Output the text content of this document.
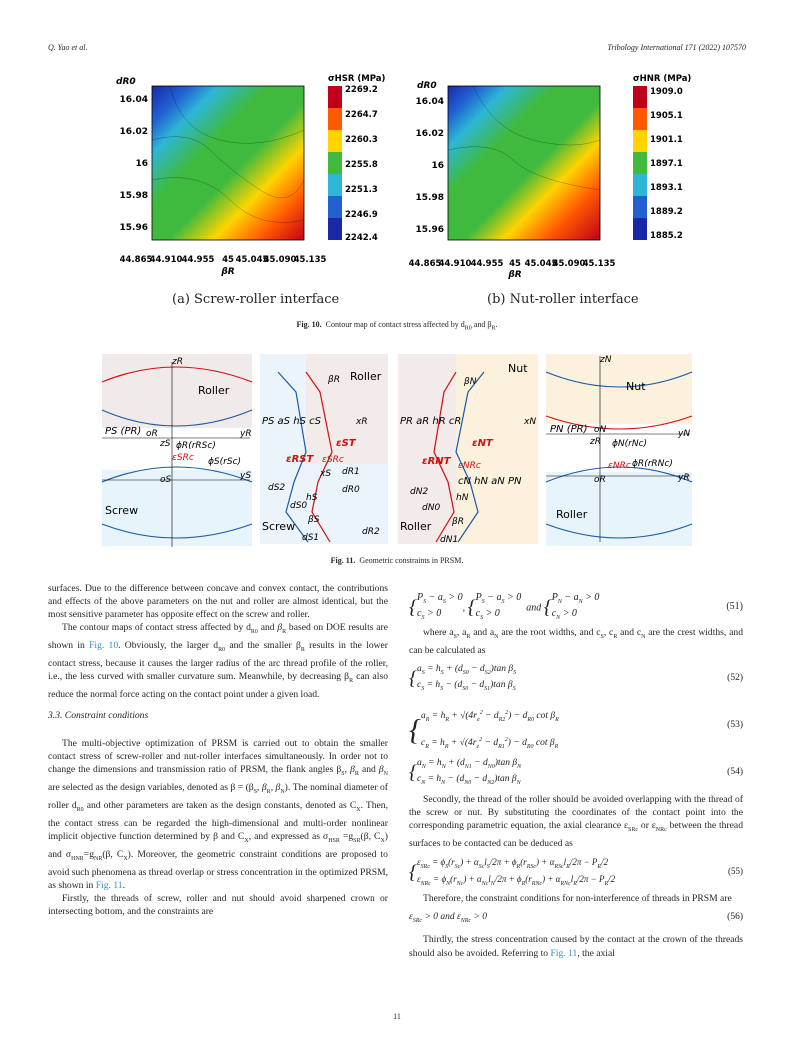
Q. Yao et al.	Tribology International 171 (2022) 107570
dR0
16.04
16.02
16
15.98
15.96
44.865
44.910 44.955 45 45.045
45.090
45.135
βR
σHSR (MPa)
2269.2
2264.7
2260.3
2255.8
2251.3
2246.9
2242.4
dR0
16.04
16.02
16
15.98
15.96
44.865
44.910 44.955 45 45.045
45.090
45.135
βR
σHNR (MPa)
1909.0
1905.1
1901.1
1897.1
1893.1
1889.2
1885.2
(a) Screw-roller interface	(b) Nut-roller interface
Fig. 10. Contour map of contact stress affected by $d_{R0}$ and $\beta_R$.
zR
Roller
PS (PR) oR	yR
zS ϕR(rRSc)
εSRc ϕS(rSc)
oS	yS
Screw
βR Roller
PS aS hS cS	xR
εST
εRST εSRc
dR1
xS
dS2	dR0
hS
dS0
βS
Screw	dR2
dS1
Nut
βN
PR aR hR cR	xN
εNT
εRNT εNRc
cN hN aN PN
dN2
hN
dN0
Roller βR
dN1
zN
Nut
PN (PR) oN	yN
zR ϕN(rNc)
εNRc ϕR(rRNc)
oR	yR
Roller
Fig. 11. Geometric constraints in PRSM.

surfaces. Due to the difference between concave and convex contact, the contributions and effects of the above parameters on the nut and roller are almost identical, but the most sensitive parameter has opposite effect on the screw and roller.

The contour maps of contact stress affected by $d_{R0}$ and $\beta_R$ based on DOE results are shown in Fig. 10. Obviously, the larger $d_{R0}$ and the smaller $\beta_R$ results in the lower contact stress, because it causes the larger radius of the arc thread profile of the roller, i.e., the less curved with smaller curvature sum. Meanwhile, by decreasing $\beta_R$ can also reduce the normal force acting on the contact point under a given load.

3.3. Constraint conditions

The multi-objective optimization of PRSM is carried out to obtain the smaller contact stress of screw-roller and nut-roller interfaces simultaneously. In order not to change the dimensions and transmission ratio of PRSM, the flank angles $\beta_S$, $\beta_R$ and $\beta_N$ are selected as the design variables, denoted as $\beta = (\beta_S$, $\beta_R$, $\beta_N$). The nominal diameter of roller $d_{R0}$ and other parameters are taken as the design constants, denoted as $C_X$. Then, the contact stress can be regarded the high-dimensional and multi-order nonlinear implicit objective function determined by β and $C_X$, and expressed as $\sigma_{HSR} =g_{SR}(\beta$, $C_X$) and $\sigma_{HNR}=g_{NR}(\beta$, $C_X$). Moreover, the geometric constraint conditions are proposed to avoid such phenomena as thread overlap or stress concentration in the optimized PRSM, as shown in Fig. 11.

Firstly, the threads of screw, roller and nut should avoid sharpened crown or intersecting bottom, and the constraints are

{$P_S - a_S > 0$
$c_S > 0$, {$P_S - a_S > 0$
$c_S > 0$  and {$P_N - a_N > 0$
$c_N > 0$
(51)

where $a_S$, $a_R$ and $a_N$ are the root widths, and $c_S$, $c_R$ and $c_N$ are the crest widths, and can be calculated as

{$a_S = h_S + (d_{S0} - d_{S2})\tan$ $\beta_S$
$c_S = h_S - (d_{S0} - d_{S1})\tan$ $\beta_S$
(52)
{$a_R = h_R + √(4r_e^2 - d_{R2}^2) - d_{R0}$ $\cot \beta_R$
$c_R = h_R + √(4r_e^2 - d_{R1}^2) - d_{R0}$ $\cot \beta_R$
(53)
{$a_N = h_N + (d_{N1} - d_{N0})\tan$ $\beta_N$
$c_N = h_N - (d_{N0} - d_{N2})\tan$ $\beta_N$
(54)

Secondly, the thread of the roller should be avoided overlapping with the thread of the screw or nut. By substituting the coordinates of the contact point into the corresponding parametric equation, the axial clearance $\varepsilon_{SRc}$ or $\varepsilon_{NRc}$ between the thread surfaces to be contacted can be deduced as

{$\varepsilon_{SRc} = \phi_S(r_{Sc}) + \alpha_{Sc}l_S/2\pi + \phi_R(r_{RSc}) + \alpha_{RSc}l_R/2\pi - P_R/2$
$\varepsilon_{NRc} = \phi_N(r_{Nc}) + \alpha_{Nc}l_N/2\pi + \phi_R(r_{RNc}) + \alpha_{RNc}l_R/2\pi - P_R/2$
(55)

Therefore, the constraint conditions for non-interference of threads in PRSM are

$\varepsilon_{SRc} > 0$ and $\varepsilon_{NRc} > 0$	(56)

Thirdly, the stress concentration caused by the contact at the crown of the threads should also be avoided. Referring to Fig. 11, the axial

11
